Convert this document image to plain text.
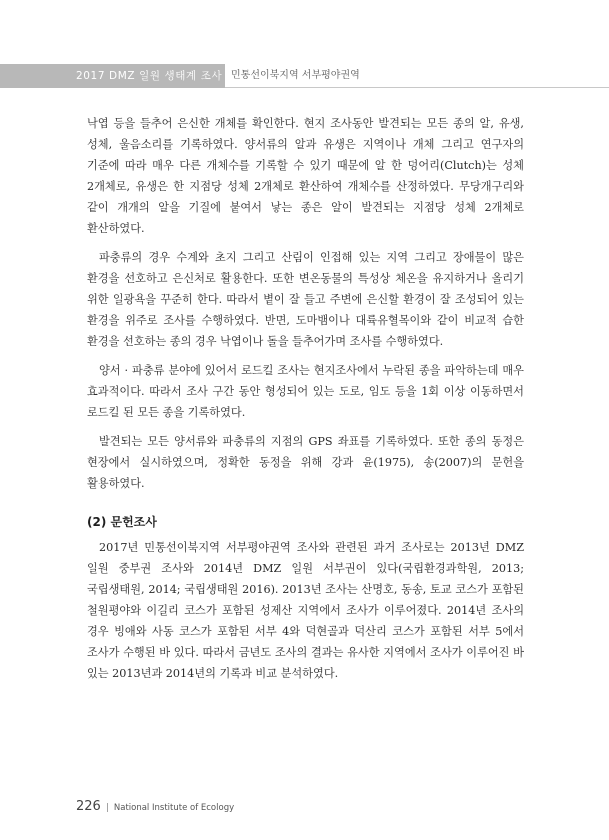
2017 DMZ 일원 생태계 조사 민통선이북지역 서부평야권역

낙엽 등을 들추어 은신한 개체를 확인한다. 현지 조사동안 발견되는 모든 종의 알, 유생, 성체, 울음소리를 기록하였다. 양서류의 알과 유생은 지역이나 개체 그리고 연구자의 기준에 따라 매우 다른 개체수를 기록할 수 있기 때문에 알 한 덩어리(Clutch)는 성체 2개체로, 유생은 한 지점당 성체 2개체로 환산하여 개체수를 산정하였다. 무당개구리와 같이 개개의 알을 기질에 붙여서 낳는 종은 알이 발견되는 지점당 성체 2개체로 환산하였다.

파충류의 경우 수계와 초지 그리고 산림이 인접해 있는 지역 그리고 장애물이 많은 환경을 선호하고 은신처로 활용한다. 또한 변온동물의 특성상 체온을 유지하거나 올리기 위한 일광욕을 꾸준히 한다. 따라서 볕이 잘 들고 주변에 은신할 환경이 잘 조성되어 있는 환경을 위주로 조사를 수행하였다. 반면, 도마뱀이나 대륙유혈목이와 같이 비교적 습한 환경을 선호하는 종의 경우 낙엽이나 돌을 들추어가며 조사를 수행하였다.

양서 · 파충류 분야에 있어서 로드킬 조사는 현지조사에서 누락된 종을 파악하는데 매우 효과적이다. 따라서 조사 구간 동안 형성되어 있는 도로, 임도 등을 1회 이상 이동하면서 로드킬 된 모든 종을 기록하였다.

발견되는 모든 양서류와 파충류의 지점의 GPS 좌표를 기록하였다. 또한 종의 동정은 현장에서 실시하였으며, 정확한 동정을 위해 강과 윤(1975), 송(2007)의 문헌을 활용하였다.

(2) 문헌조사

2017년 민통선이북지역 서부평야권역 조사와 관련된 과거 조사로는 2013년 DMZ 일원 중부권 조사와 2014년 DMZ 일원 서부권이 있다(국립환경과학원, 2013; 국립생태원, 2014; 국립생태원 2016). 2013년 조사는 산명호, 동송, 토교 코스가 포함된 철원평야와 이길리 코스가 포함된 성제산 지역에서 조사가 이루어졌다. 2014년 조사의 경우 빙애와 사동 코스가 포함된 서부 4와 덕현골과 덕산리 코스가 포함된 서부 5에서 조사가 수행된 바 있다. 따라서 금년도 조사의 결과는 유사한 지역에서 조사가 이루어진 바 있는 2013년과 2014년의 기록과 비교 분석하였다.

226 | National Institute of Ecology
